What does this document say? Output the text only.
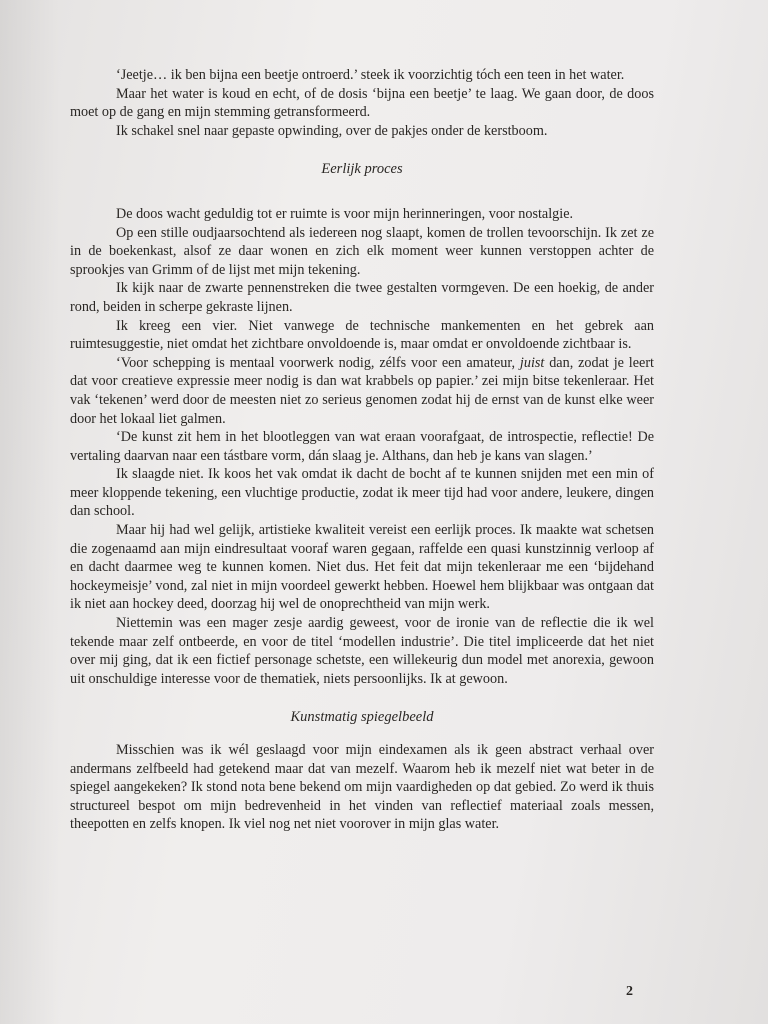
‘Jeetje… ik ben bijna een beetje ontroerd.’ steek ik voorzichtig tóch een teen in het water.

Maar het water is koud en echt, of de dosis ‘bijna een beetje’ te laag. We gaan door, de doos moet op de gang en mijn stemming getransformeerd.

Ik schakel snel naar gepaste opwinding, over de pakjes onder de kerstboom.

Eerlijk proces

De doos wacht geduldig tot er ruimte is voor mijn herinneringen, voor nostalgie.

Op een stille oudjaarsochtend als iedereen nog slaapt, komen de trollen tevoorschijn. Ik zet ze in de boekenkast, alsof ze daar wonen en zich elk moment weer kunnen verstoppen achter de sprookjes van Grimm of de lijst met mijn tekening.

Ik kijk naar de zwarte pennenstreken die twee gestalten vormgeven. De een hoekig, de ander rond, beiden in scherpe gekraste lijnen.

Ik kreeg een vier. Niet vanwege de technische mankementen en het gebrek aan ruimtesuggestie, niet omdat het zichtbare onvoldoende is, maar omdat er onvoldoende zichtbaar is.

‘Voor schepping is mentaal voorwerk nodig, zélfs voor een amateur, juist dan, zodat je leert dat voor creatieve expressie meer nodig is dan wat krabbels op papier.’ zei mijn bitse tekenleraar. Het vak ‘tekenen’ werd door de meesten niet zo serieus genomen zodat hij de ernst van de kunst elke weer door het lokaal liet galmen.

‘De kunst zit hem in het blootleggen van wat eraan voorafgaat, de introspectie, reflectie! De vertaling daarvan naar een tástbare vorm, dán slaag je. Althans, dan heb je kans van slagen.’

Ik slaagde niet. Ik koos het vak omdat ik dacht de bocht af te kunnen snijden met een min of meer kloppende tekening, een vluchtige productie, zodat ik meer tijd had voor andere, leukere, dingen dan school.

Maar hij had wel gelijk, artistieke kwaliteit vereist een eerlijk proces. Ik maakte wat schetsen die zogenaamd aan mijn eindresultaat vooraf waren gegaan, raffelde een quasi kunstzinnig verloop af en dacht daarmee weg te kunnen komen. Niet dus. Het feit dat mijn tekenleraar me een ‘bijdehand hockeymeisje’ vond, zal niet in mijn voordeel gewerkt hebben. Hoewel hem blijkbaar was ontgaan dat ik niet aan hockey deed, doorzag hij wel de onoprechtheid van mijn werk.

Niettemin was een mager zesje aardig geweest, voor de ironie van de reflectie die ik wel tekende maar zelf ontbeerde, en voor de titel ‘modellen industrie’. Die titel impliceerde dat het niet over mij ging, dat ik een fictief personage schetste, een willekeurig dun model met anorexia, gewoon uit onschuldige interesse voor de thematiek, niets persoonlijks. Ik at gewoon.

Kunstmatig spiegelbeeld

Misschien was ik wél geslaagd voor mijn eindexamen als ik geen abstract verhaal over andermans zelfbeeld had getekend maar dat van mezelf. Waarom heb ik mezelf niet wat beter in de spiegel aangekeken? Ik stond nota bene bekend om mijn vaardigheden op dat gebied. Zo werd ik thuis structureel bespot om mijn bedrevenheid in het vinden van reflectief materiaal zoals messen, theepotten en zelfs knopen. Ik viel nog net niet voorover in mijn glas water.

2
